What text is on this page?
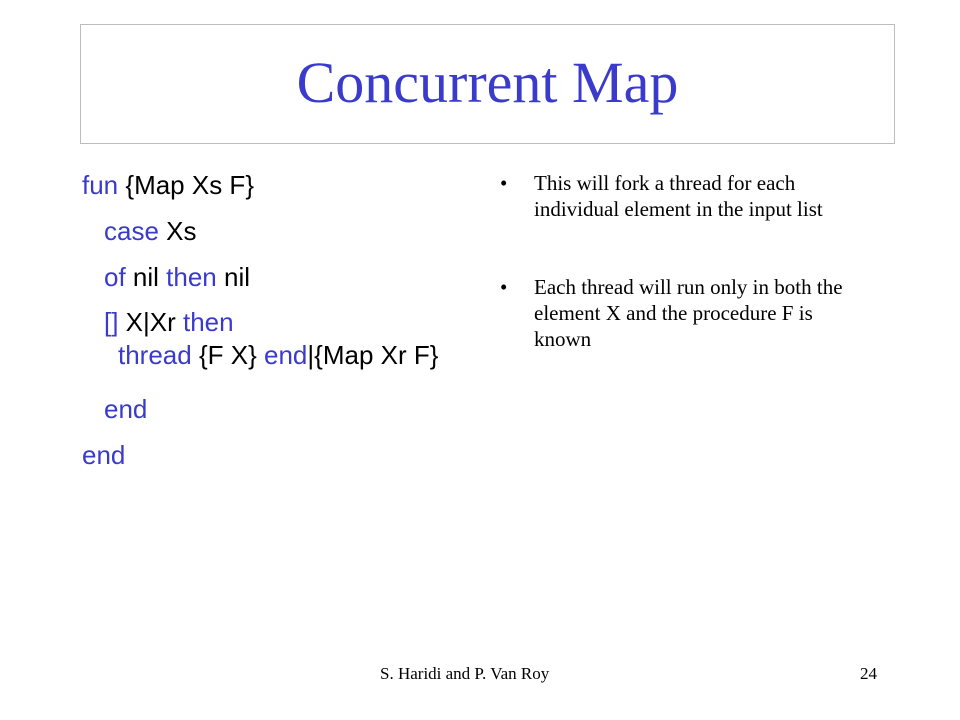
Concurrent Map
fun {Map Xs F}
case Xs
of nil then nil
[] X|Xr then
thread {F X} end|{Map Xr F}
end
end
• This will fork a thread for each individual element in the input list
• Each thread will run only in both the element X and the procedure F is known
S. Haridi and P. Van Roy	24
